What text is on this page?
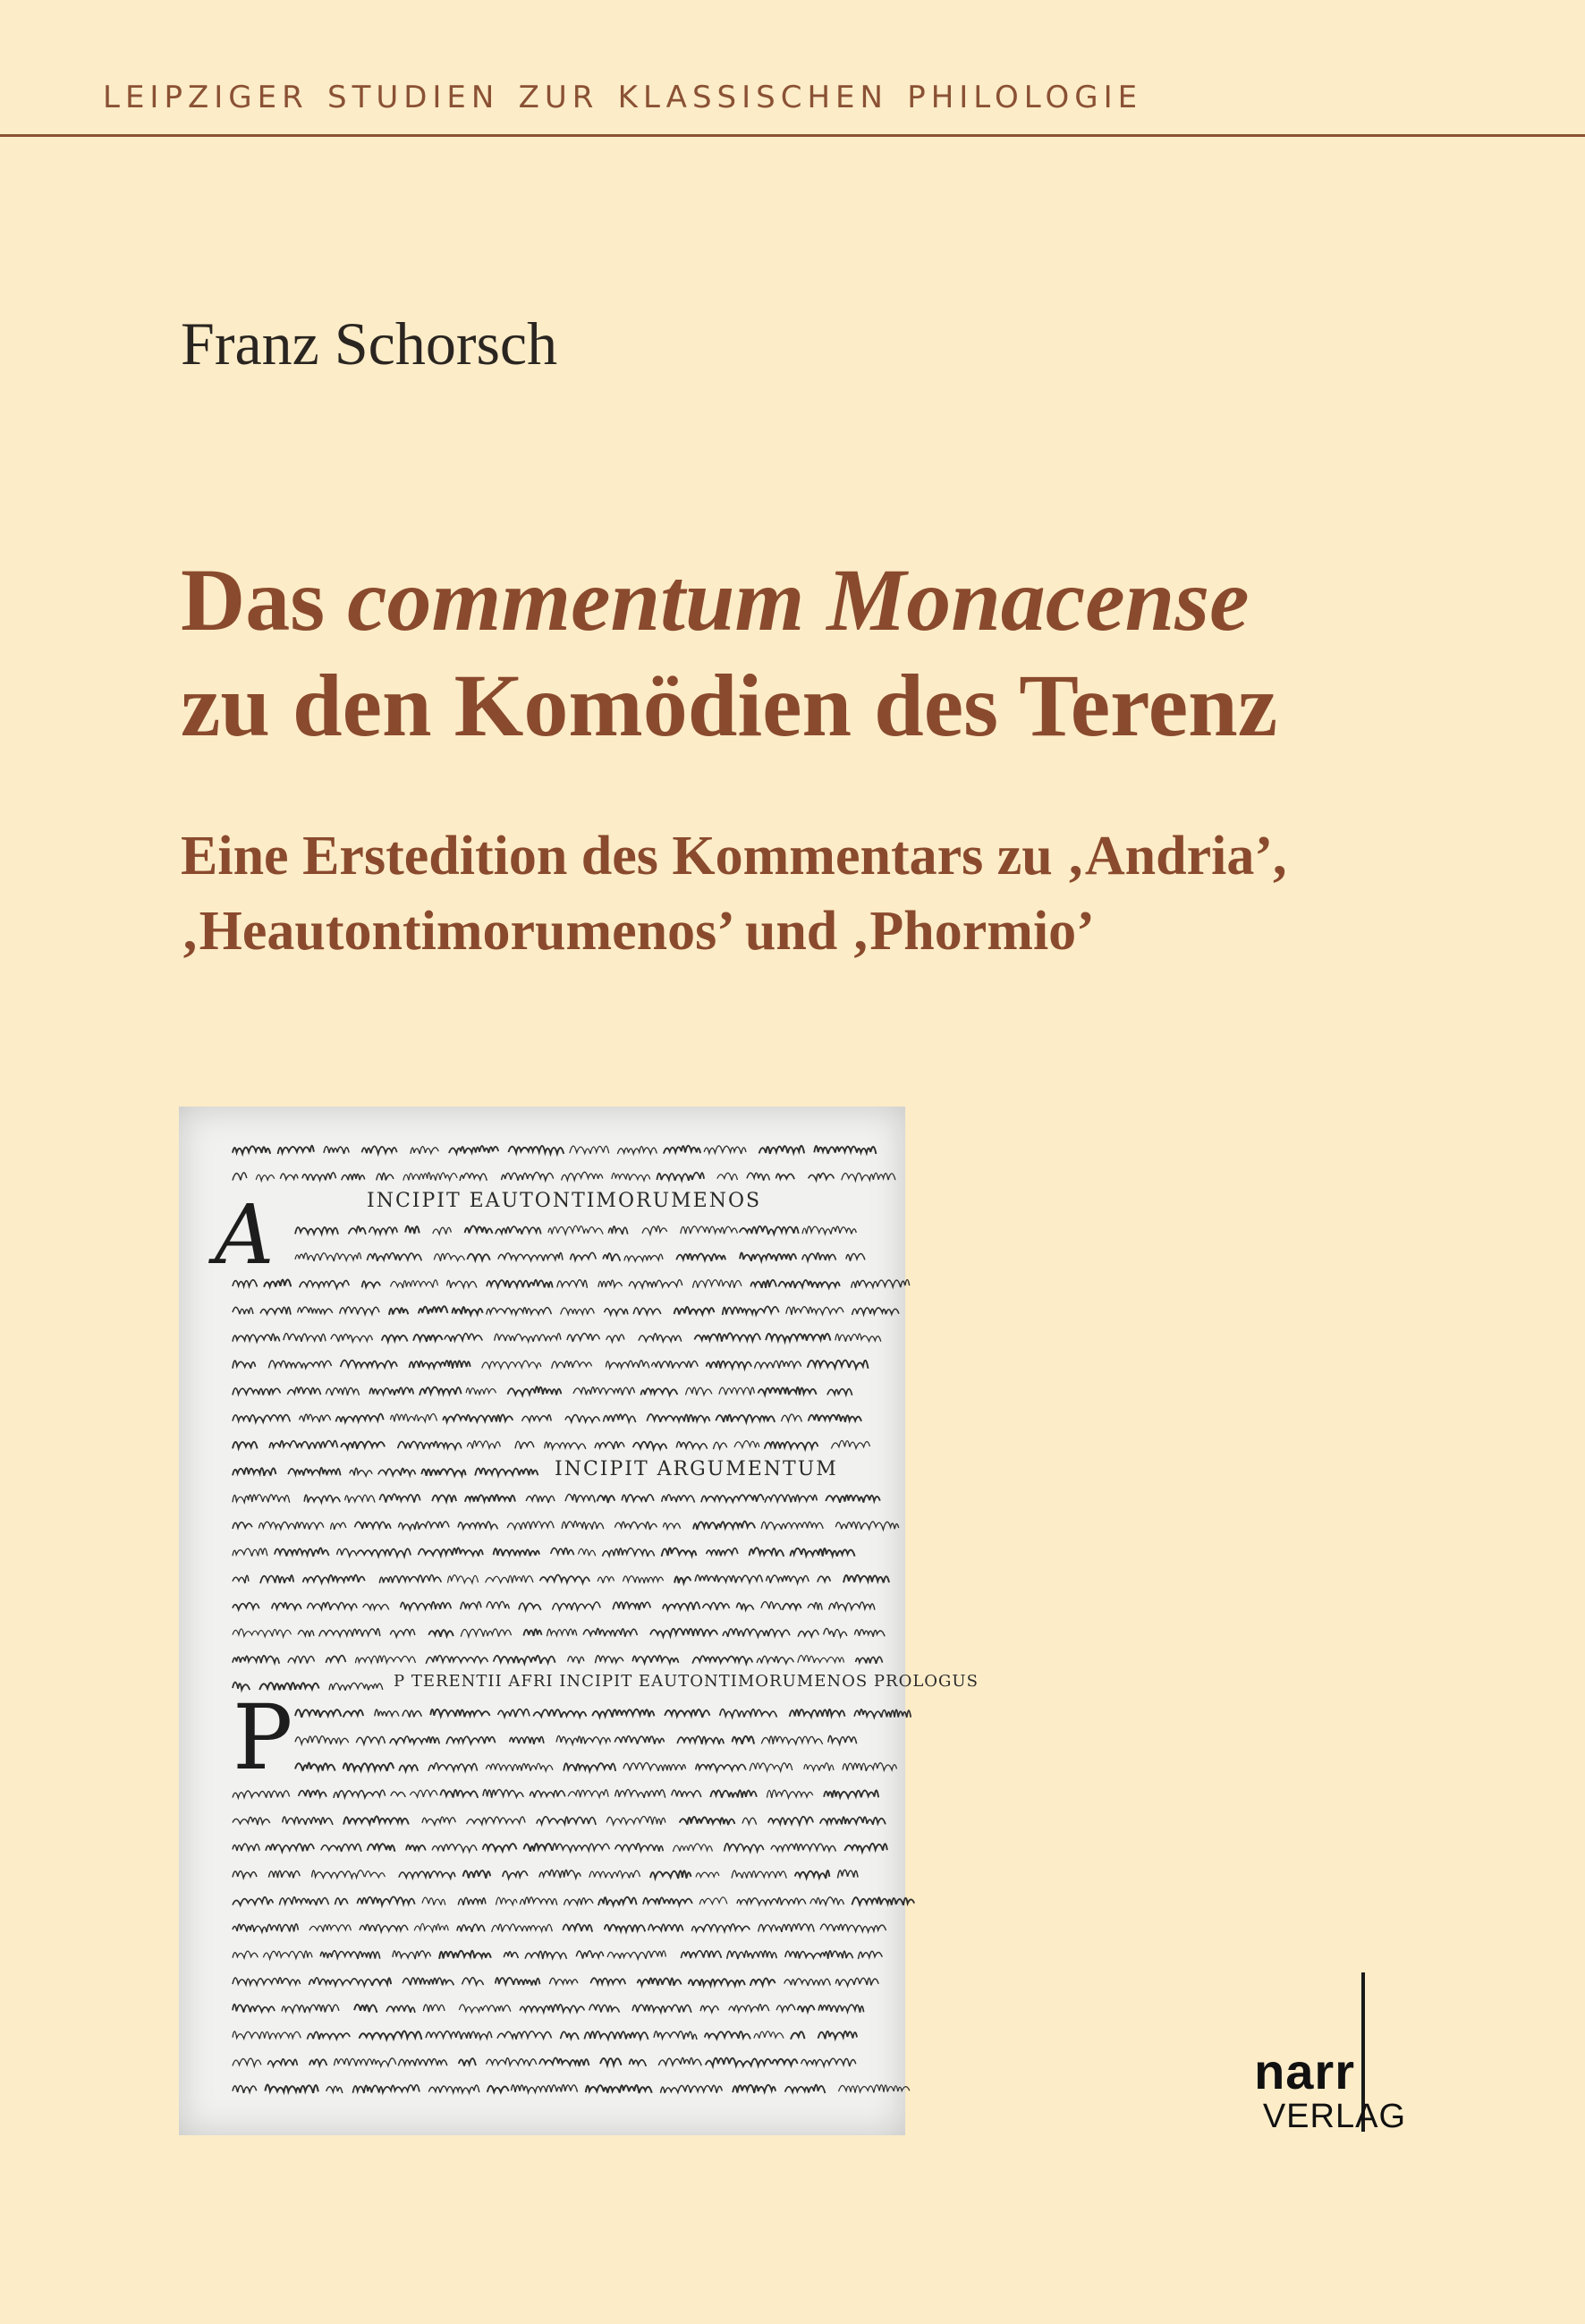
leipziger studien zur klassischen philologie
Franz Schorsch
Das commentum Monacense
zu den Komödien des Terenz
Eine Erstedition des Kommentars zu ‚Andria’,
‚Heautontimorumenos’ und ‚Phormio’
INCIPIT EAUTONTIMORUMENOS
INCIPIT ARGUMENTUM
P TERENTII AFRI INCIPIT EAUTONTIMORUMENOS PROLOGUS
A
P
narr
VERLAG
